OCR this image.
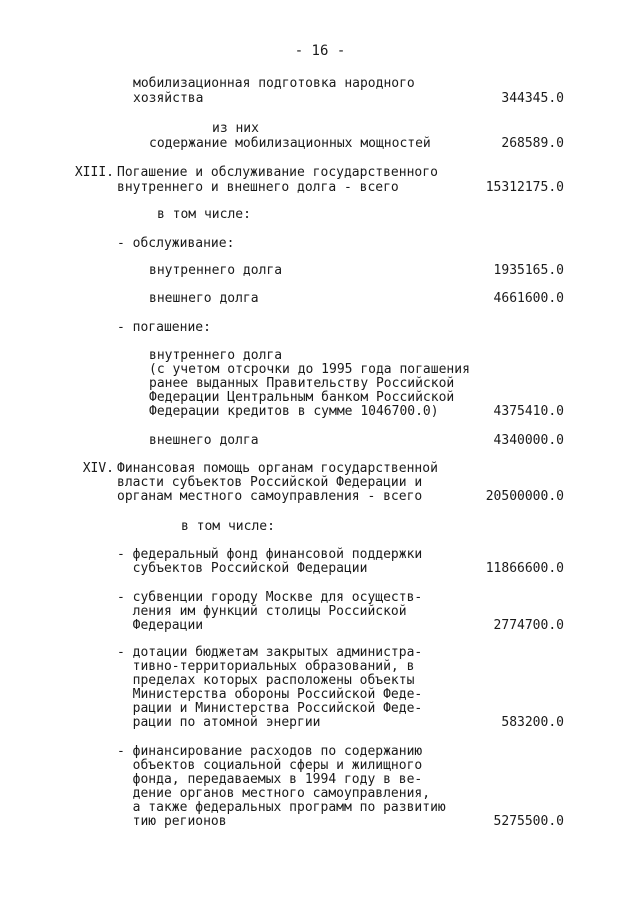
- 16 -
мобилизационная подготовка народного
хозяйства	344345.0
из них
содержание мобилизационных мощностей	268589.0
XIII. Погашение и обслуживание государственного
внутреннего и внешнего долга - всего	15312175.0
в том числе:
- обслуживание:
внутреннего долга	1935165.0
внешнего долга	4661600.0
- погашение:
внутреннего долга
(с учетом отсрочки до 1995 года погашения
ранее выданных Правительству Российской
Федерации Центральным банком Российской
Федерации кредитов в сумме 1046700.0)	4375410.0
внешнего долга	4340000.0
XIV. Финансовая помощь органам государственной
власти субъектов Российской Федерации и
органам местного самоуправления - всего	20500000.0
в том числе:
- федеральный фонд финансовой поддержки
субъектов Российской Федерации	11866600.0
- субвенции городу Москве для осуществ-
ления им функций столицы Российской
Федерации	2774700.0
- дотации бюджетам закрытых администра-
тивно-территориальных образований, в
пределах которых расположены объекты
Министерства обороны Российской Феде-
рации и Министерства Российской Феде-
рации по атомной энергии	583200.0
- финансирование расходов по содержанию
объектов социальной сферы и жилищного
фонда, передаваемых в 1994 году в ве-
дение органов местного самоуправления,
а также федеральных программ по развитию
тию регионов	5275500.0
